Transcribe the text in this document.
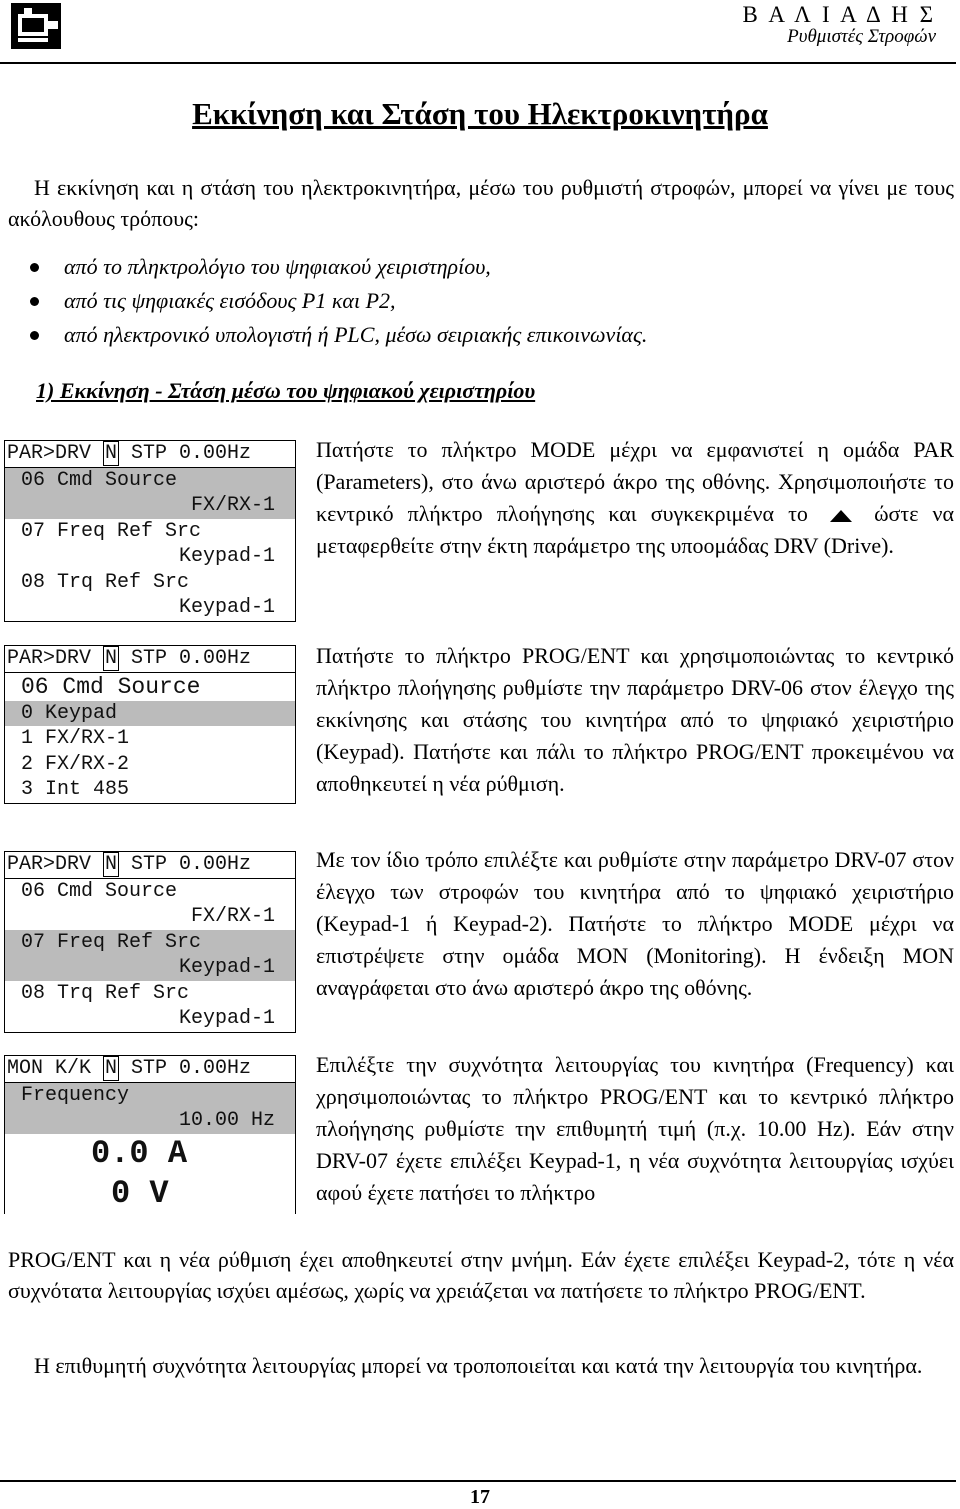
Β Α Λ Ι Α Δ Η Σ
Ρυθμιστές Στροφών
Εκκίνηση και Στάση του Ηλεκτροκινητήρα
Η εκκίνηση και η στάση του ηλεκτροκινητήρα, μέσω του ρυθμιστή στροφών, μπορεί να γίνει με τους ακόλουθους τρόπους:
από το πληκτρολόγιο του ψηφιακού χειριστηρίου,
από τις ψηφιακές εισόδους P1 και P2,
από ηλεκτρονικό υπολογιστή ή PLC, μέσω σειριακής επικοινωνίας.
1) Εκκίνηση - Στάση μέσω του ψηφιακού χειριστηρίου
PAR>DRV N STP 0.00Hz
06 Cmd Source
FX/RX-1
07 Freq Ref Src
Keypad-1
08 Trq Ref Src
Keypad-1
PAR>DRV N STP 0.00Hz
06 Cmd Source
0 Keypad
1 FX/RX-1
2 FX/RX-2
3 Int 485
PAR>DRV N STP 0.00Hz
06 Cmd Source
FX/RX-1
07 Freq Ref Src
Keypad-1
08 Trq Ref Src
Keypad-1
MON K/K N STP 0.00Hz
Frequency
10.00 Hz
0.0 A
0 V
Πατήστε το πλήκτρο MODE μέχρι να εμφανιστεί η ομάδα PAR (Parameters), στο άνω αριστερό άκρο της οθόνης. Χρησιμοποιήστε το κεντρικό πλήκτρο πλοήγησης και συγκεκριμένα το	ώστε να μεταφερθείτε στην έκτη παράμετρο της υποομάδας DRV (Drive).
Πατήστε το πλήκτρο PROG/ENT και χρησιμοποιώντας το κεντρικό πλήκτρο πλοήγησης ρυθμίστε την παράμετρο DRV-06 στον έλεγχο της εκκίνησης και στάσης του κινητήρα από το ψηφιακό χειριστήριο (Keypad). Πατήστε και πάλι το πλήκτρο PROG/ENT προκειμένου να αποθηκευτεί η νέα ρύθμιση.
Με τον ίδιο τρόπο επιλέξτε και ρυθμίστε στην παράμετρο DRV-07 στον έλεγχο των στροφών του κινητήρα από το ψηφιακό χειριστήριο (Keypad-1 ή Keypad-2). Πατήστε το πλήκτρο MODE μέχρι να επιστρέψετε στην ομάδα MON (Monitoring). Η ένδειξη MON αναγράφεται στο άνω αριστερό άκρο της οθόνης.
Επιλέξτε την συχνότητα λειτουργίας του κινητήρα (Frequency) και χρησιμοποιώντας το πλήκτρο PROG/ENT και το κεντρικό πλήκτρο πλοήγησης ρυθμίστε την επιθυμητή τιμή (π.χ. 10.00 Hz). Εάν στην DRV-07 έχετε επιλέξει Keypad-1, η νέα συχνότητα λειτουργίας ισχύει αφού έχετε πατήσει το πλήκτρο
PROG/ENT και η νέα ρύθμιση έχει αποθηκευτεί στην μνήμη. Εάν έχετε επιλέξει Keypad-2, τότε η νέα συχνότατα λειτουργίας ισχύει αμέσως, χωρίς να χρειάζεται να πατήσετε το πλήκτρο PROG/ENT.
Η επιθυμητή συχνότητα λειτουργίας μπορεί να τροποποιείται και κατά την λειτουργία του κινητήρα.
17
